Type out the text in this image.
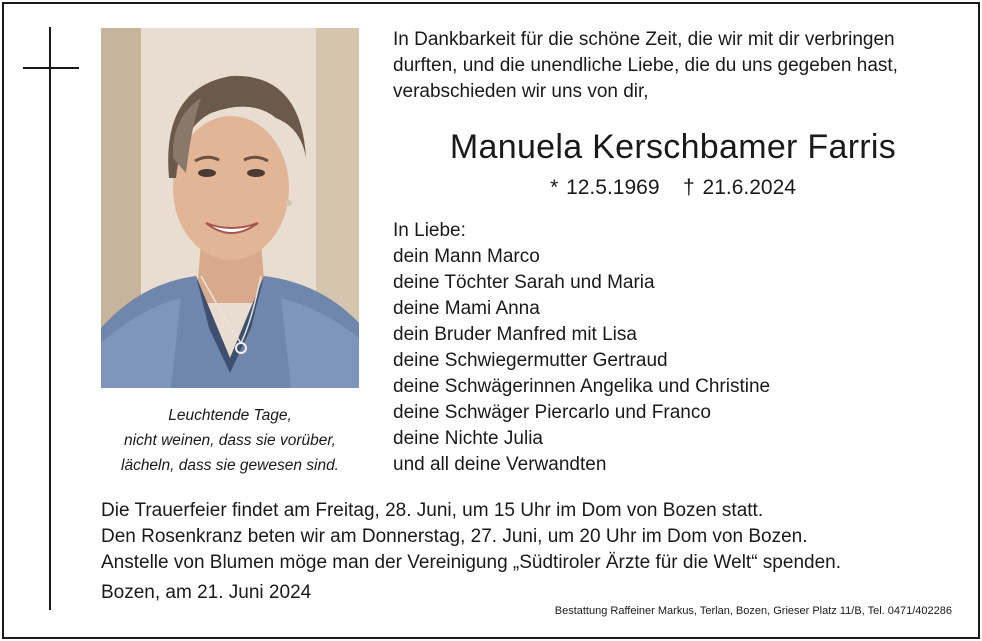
Leuchtende Tage,
nicht weinen, dass sie vorüber,
lächeln, dass sie gewesen sind.
In Dankbarkeit für die schöne Zeit, die wir mit dir verbringen
durften, und die unendliche Liebe, die du uns gegeben hast,
verabschieden wir uns von dir,
Manuela Kerschbamer Farris
* 12.5.1969   † 21.6.2024
In Liebe:
dein Mann Marco
deine Töchter Sarah und Maria
deine Mami Anna
dein Bruder Manfred mit Lisa
deine Schwiegermutter Gertraud
deine Schwägerinnen Angelika und Christine
deine Schwäger Piercarlo und Franco
deine Nichte Julia
und all deine Verwandten
Die Trauerfeier findet am Freitag, 28. Juni, um 15 Uhr im Dom von Bozen statt.
Den Rosenkranz beten wir am Donnerstag, 27. Juni, um 20 Uhr im Dom von Bozen.
Anstelle von Blumen möge man der Vereinigung „Südtiroler Ärzte für die Welt“ spenden.
Bozen, am 21. Juni 2024
Bestattung Raffeiner Markus, Terlan, Bozen, Grieser Platz 11/B, Tel. 0471/402286
